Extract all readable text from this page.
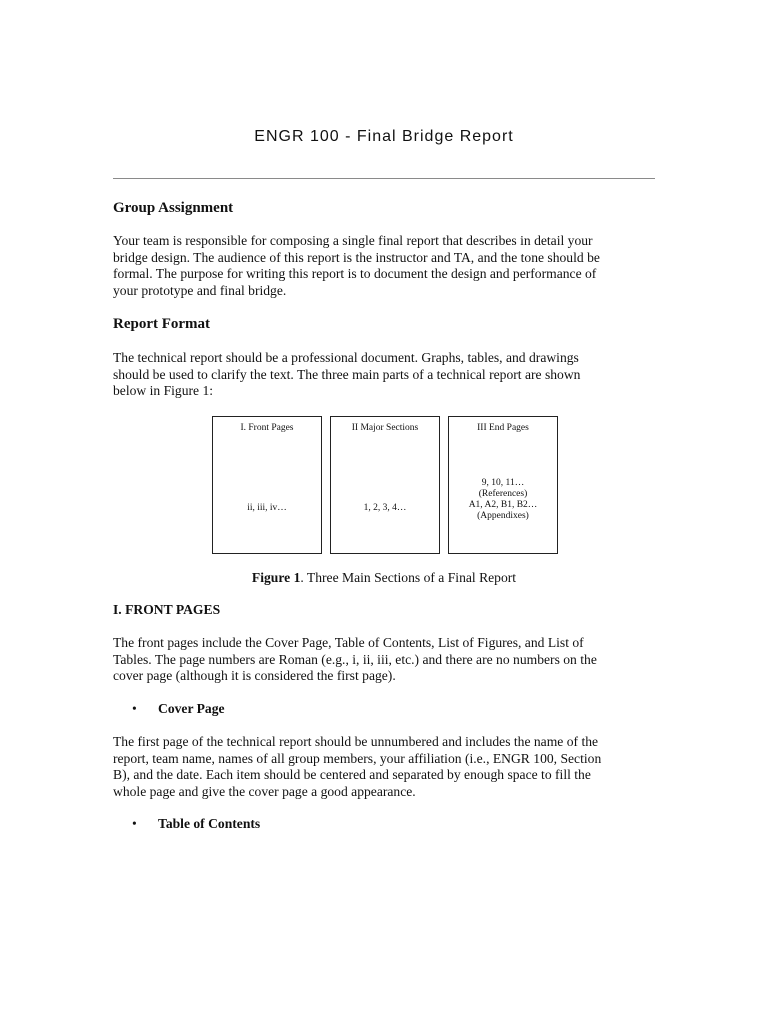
ENGR 100 - Final Bridge Report
Group Assignment
Your team is responsible for composing a single final report that describes in detail your
bridge design. The audience of this report is the instructor and TA, and the tone should be
formal. The purpose for writing this report is to document the design and performance of
your prototype and final bridge.
Report Format
The technical report should be a professional document. Graphs, tables, and drawings
should be used to clarify the text. The three main parts of a technical report are shown
below in Figure 1:
I. Front Pages
ii, iii, iv…
II Major Sections
1, 2, 3, 4…
III End Pages
9, 10, 11…
(References)
A1, A2, B1, B2…
(Appendixes)
Figure 1. Three Main Sections of a Final Report
I. FRONT PAGES
The front pages include the Cover Page, Table of Contents, List of Figures, and List of
Tables. The page numbers are Roman (e.g., i, ii, iii, etc.) and there are no numbers on the
cover page (although it is considered the first page).
• Cover Page
The first page of the technical report should be unnumbered and includes the name of the
report, team name, names of all group members, your affiliation (i.e., ENGR 100, Section
B), and the date. Each item should be centered and separated by enough space to fill the
whole page and give the cover page a good appearance.
• Table of Contents
